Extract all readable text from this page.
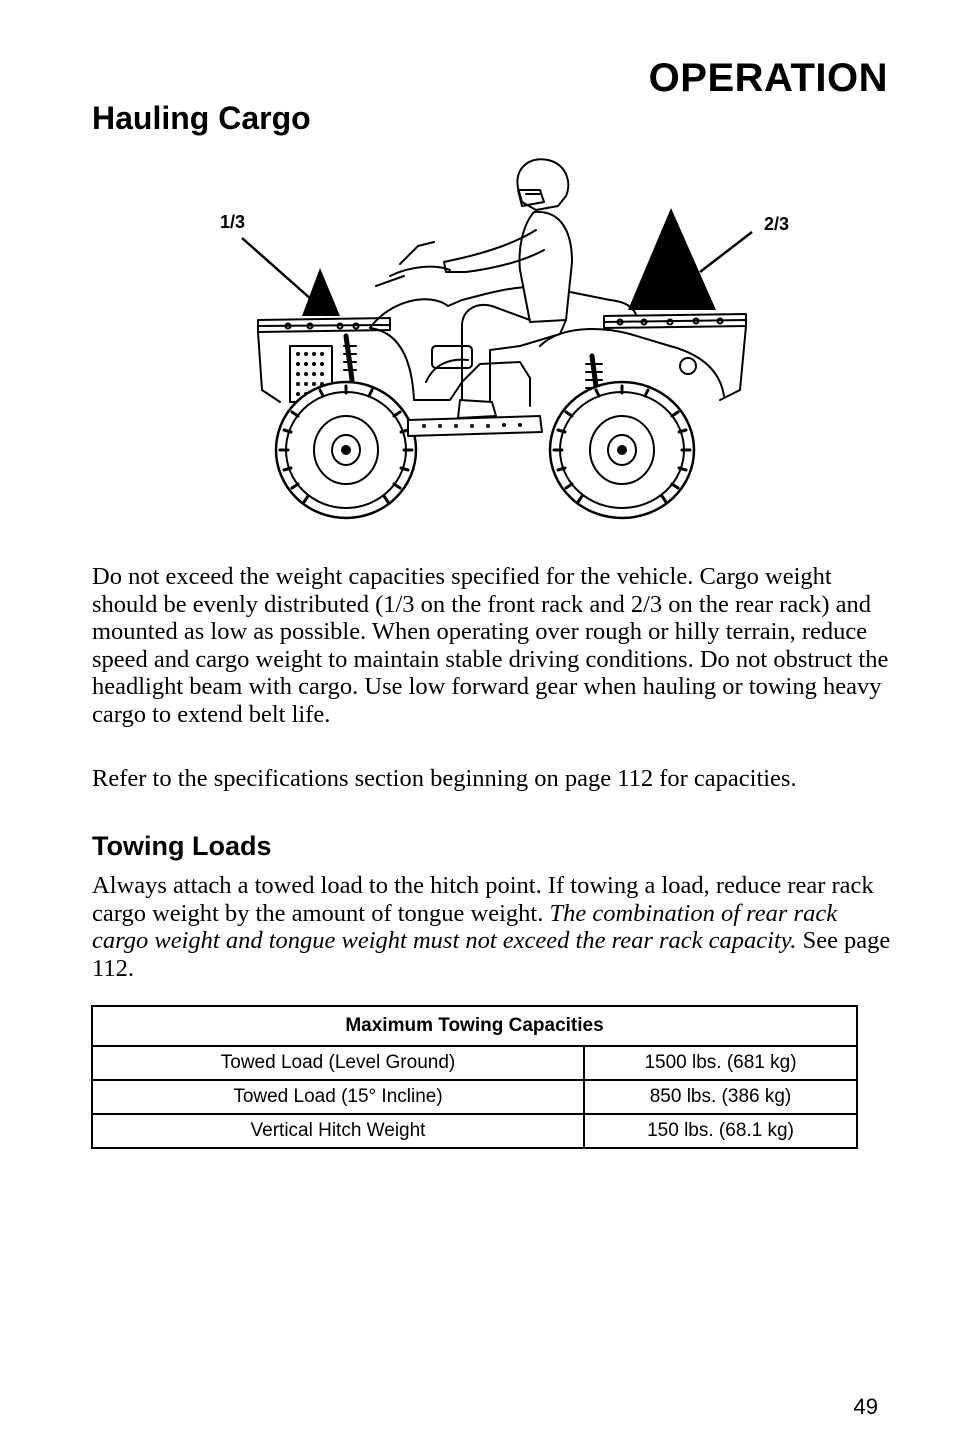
OPERATION
Hauling Cargo
1/3	2/3

Do not exceed the weight capacities specified for the vehicle. Cargo weight should be evenly distributed (1/3 on the front rack and 2/3 on the rear rack) and mounted as low as possible. When operating over rough or hilly terrain, reduce speed and cargo weight to maintain stable driving conditions. Do not obstruct the headlight beam with cargo. Use low forward gear when hauling or towing heavy cargo to extend belt life.

Refer to the specifications section beginning on page 112 for capacities.

Towing Loads

Always attach a towed load to the hitch point. If towing a load, reduce rear rack cargo weight by the amount of tongue weight. The combination of rear rack cargo weight and tongue weight must not exceed the rear rack capacity. See page 112.

Maximum Towing Capacities	
Towed Load (Level Ground)	1500 lbs. (681 kg)
Towed Load (15° Incline)	850 lbs. (386 kg)
Vertical Hitch Weight	150 lbs. (68.1 kg)

49
